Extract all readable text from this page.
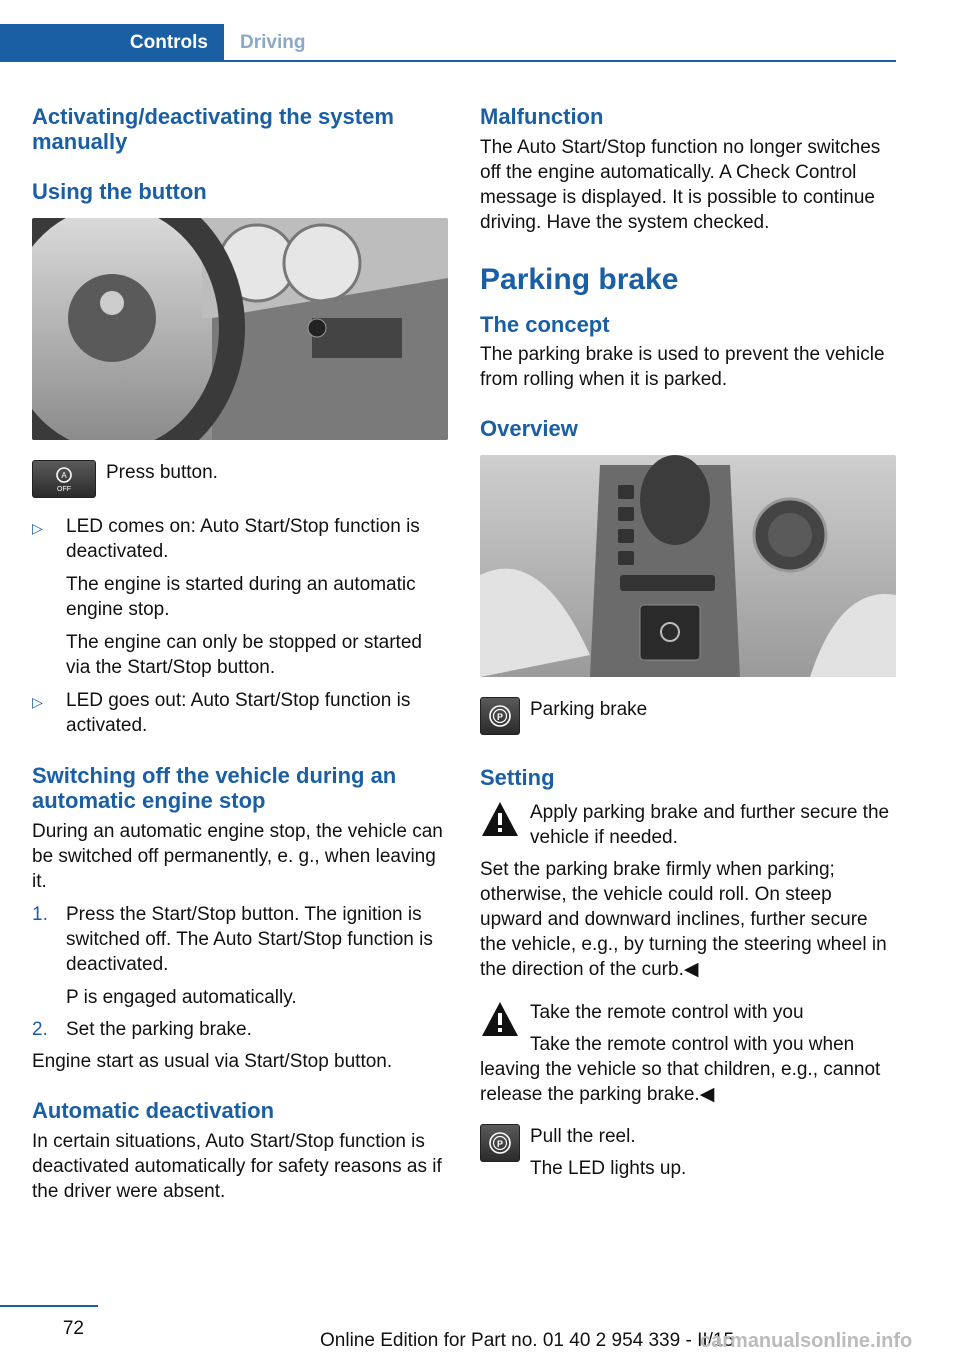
Controls	Driving
Activating/deactivating the system manually
Using the button
A
OFF
Press button.
▷	LED comes on: Auto Start/Stop function is deactivated.
The engine is started during an automatic engine stop.
The engine can only be stopped or started via the Start/Stop button.
▷	LED goes out: Auto Start/Stop function is activated.
Switching off the vehicle during an automatic engine stop
During an automatic engine stop, the vehicle can be switched off permanently, e. g., when leaving it.
1. Press the Start/Stop button. The ignition is switched off. The Auto Start/Stop function is deactivated.
P is engaged automatically.
2. Set the parking brake.
Engine start as usual via Start/Stop button.
Automatic deactivation
In certain situations, Auto Start/Stop function is deactivated automatically for safety reasons as if the driver were absent.
Malfunction
The Auto Start/Stop function no longer switches off the engine automatically. A Check Control message is displayed. It is possible to continue driving. Have the system checked.
Parking brake
The concept
The parking brake is used to prevent the vehicle from rolling when it is parked.
Overview
P Parking brake
Setting
Apply parking brake and further secure the vehicle if needed.
Set the parking brake firmly when parking; otherwise, the vehicle could roll. On steep upward and downward inclines, further secure the vehicle, e.g., by turning the steering wheel in the direction of the curb.◀
Take the remote control with you
Take the remote control with you when
leaving the vehicle so that children, e.g., cannot release the parking brake.◀
P Pull the reel.
The LED lights up.
72
Online Edition for Part no. 01 40 2 954 339 - II/15
carmanualsonline.info
